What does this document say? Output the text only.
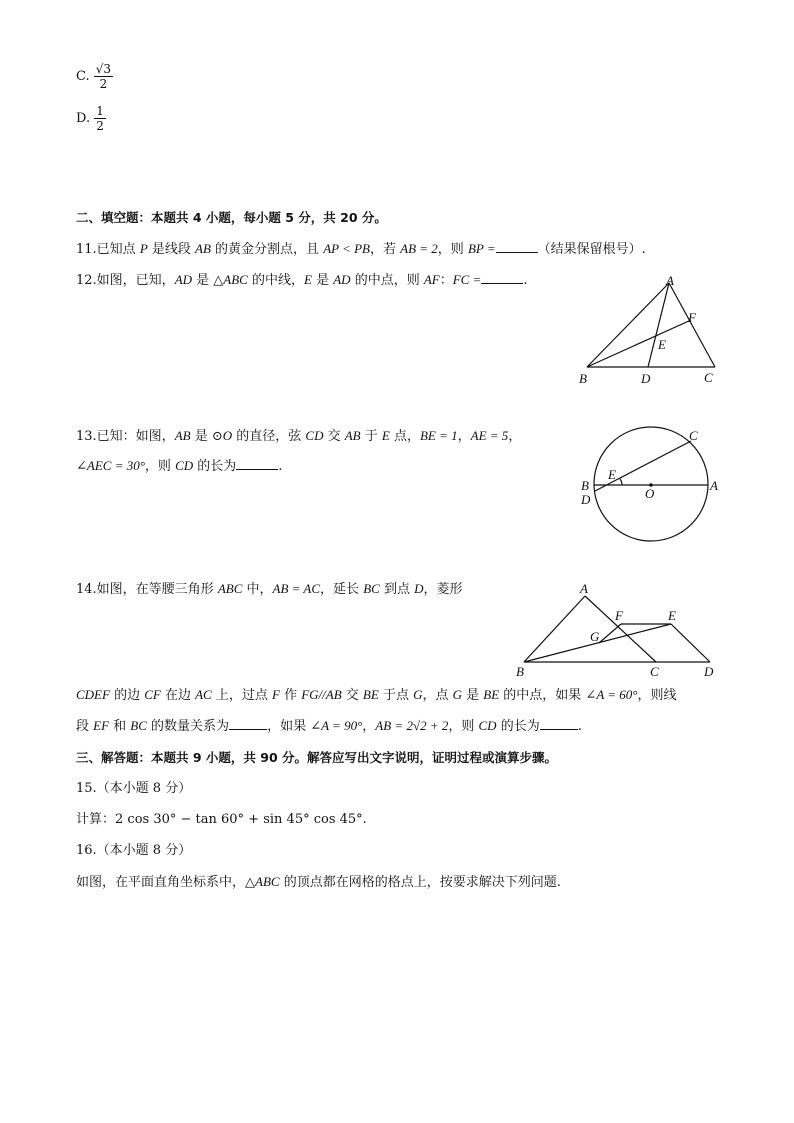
C. $\frac{√3}{2}$
D. $\frac{1}{2}$
二、填空题：本题共 4 小题，每小题 5 分，共 20 分。
11.已知点 P 是线段 AB 的黄金分割点，且 AP < PB，若 AB = 2，则 BP =	（结果保留根号）.
12.如图，已知，AD 是 △ABC 的中线，E 是 AD 的中点，则 AF：FC =	.	A
F
E
B	D	C
13.已知：如图，AB 是 ⊙O 的直径，弦 CD 交 AB 于 E 点，BE = 1，AE = 5，
∠AEC = 30°，则 CD 的长为	.
C
E
B
D	O
A
14.如图，在等腰三角形 ABC 中，AB = AC，延长 BC 到点 D，菱形	A
F	E
G
B	C	D
CDEF 的边 CF 在边 AC 上，过点 F 作 FG//AB 交 BE 于点 G，点 G 是 BE 的中点，如果 ∠A = 60°，则线
段 EF 和 BC 的数量关系为	，如果 ∠A = 90°，AB = 2√2 + 2，则 CD 的长为	.
三、解答题：本题共 9 小题，共 90 分。解答应写出文字说明，证明过程或演算步骤。
15.（本小题 8 分）
计算：2 cos 30° − tan 60° + sin 45° cos 45°.
16.（本小题 8 分）
如图，在平面直角坐标系中，△ABC 的顶点都在网格的格点上，按要求解决下列问题.
